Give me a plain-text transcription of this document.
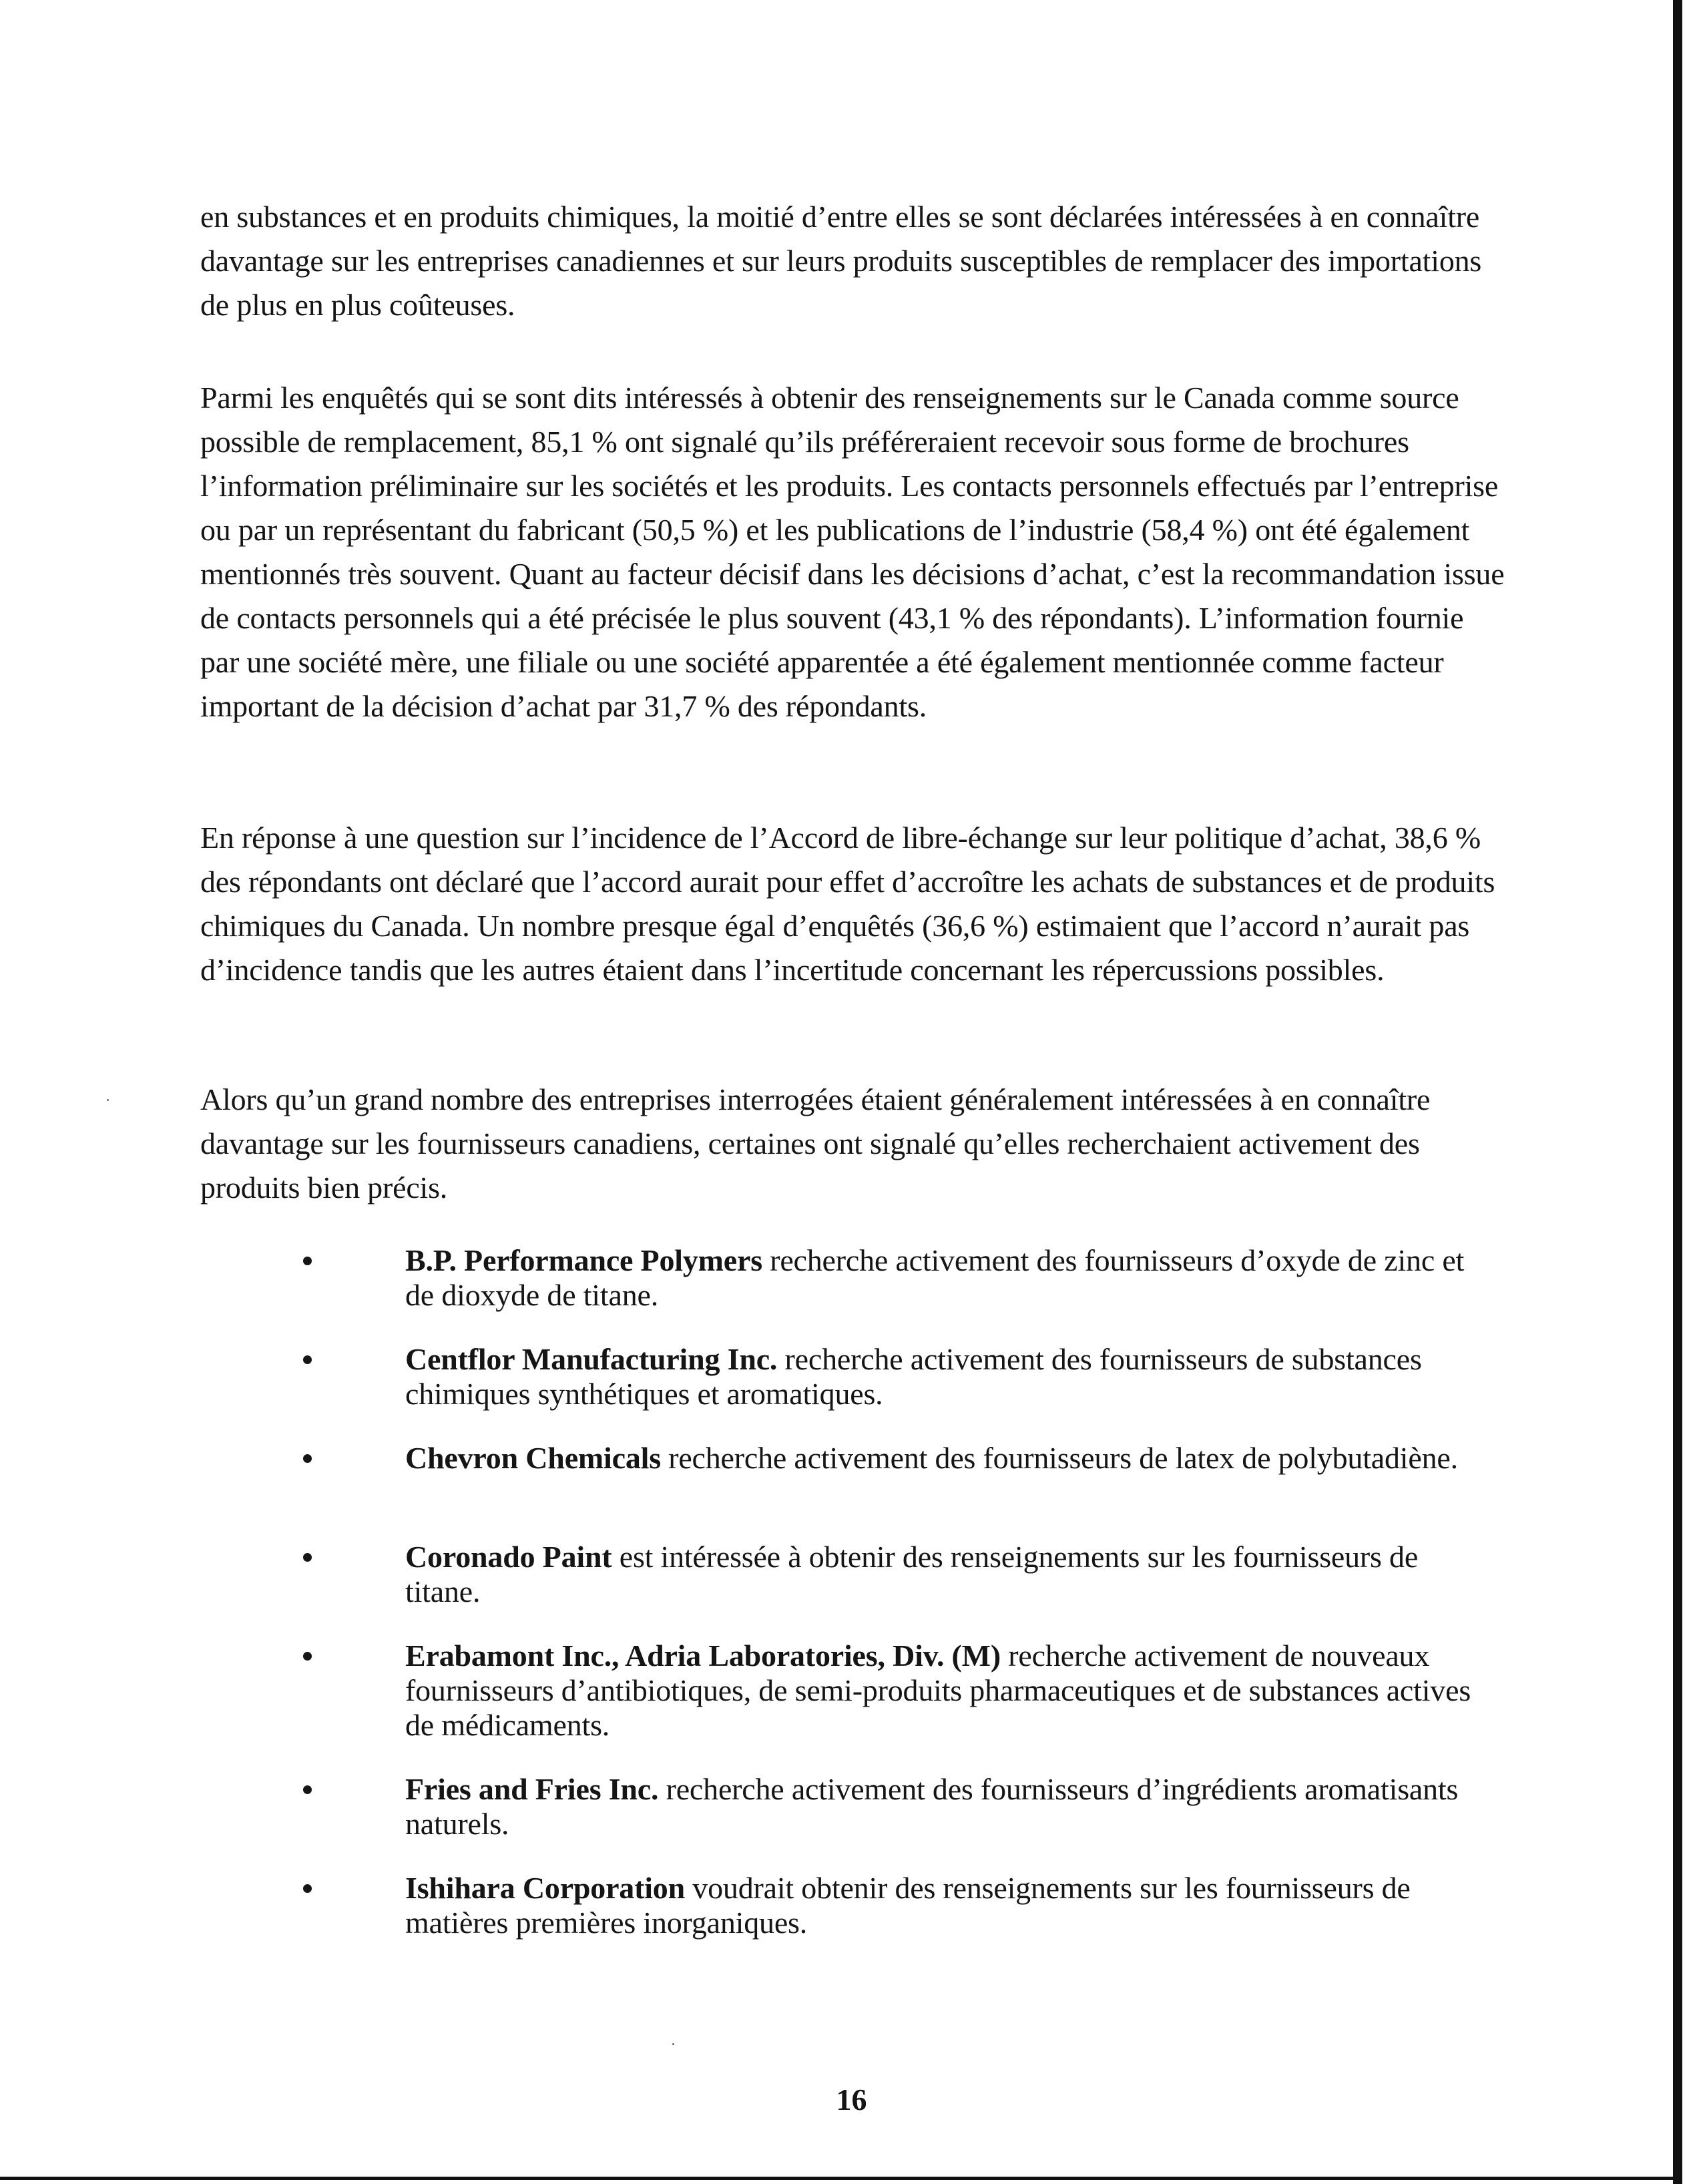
en substances et en produits chimiques, la moitié d’entre elles se sont déclarées intéressées à en connaître davantage sur les entreprises canadiennes et sur leurs produits susceptibles de remplacer des importations de plus en plus coûteuses.

Parmi les enquêtés qui se sont dits intéressés à obtenir des renseignements sur le Canada comme source possible de remplacement, 85,1 % ont signalé qu’ils préféreraient recevoir sous forme de brochures l’information préliminaire sur les sociétés et les produits. Les contacts personnels effectués par l’entreprise ou par un représentant du fabricant (50,5 %) et les publications de l’industrie (58,4 %) ont été également mentionnés très souvent. Quant au facteur décisif dans les décisions d’achat, c’est la recommandation issue de contacts personnels qui a été précisée le plus souvent (43,1 % des répondants). L’information fournie par une société mère, une filiale ou une société apparentée a été également mentionnée comme facteur important de la décision d’achat par 31,7 % des répondants.

En réponse à une question sur l’incidence de l’Accord de libre-échange sur leur politique d’achat, 38,6 % des répondants ont déclaré que l’accord aurait pour effet d’accroître les achats de substances et de produits chimiques du Canada. Un nombre presque égal d’enquêtés (36,6 %) estimaient que l’accord n’aurait pas d’incidence tandis que les autres étaient dans l’incertitude concernant les répercussions possibles.

Alors qu’un grand nombre des entreprises interrogées étaient généralement intéressées à en connaître davantage sur les fournisseurs canadiens, certaines ont signalé qu’elles recherchaient activement des produits bien précis.

B.P. Performance Polymers recherche activement des fournisseurs d’oxyde de zinc et de dioxyde de titane.
Centflor Manufacturing Inc. recherche activement des fournisseurs de substances chimiques synthétiques et aromatiques.
Chevron Chemicals recherche activement des fournisseurs de latex de polybutadiène.
Coronado Paint est intéressée à obtenir des renseignements sur les fournisseurs de titane.
Erabamont Inc., Adria Laboratories, Div. (M) recherche activement de nouveaux fournisseurs d’antibiotiques, de semi-produits pharmaceutiques et de substances actives de médicaments.
Fries and Fries Inc. recherche activement des fournisseurs d’ingrédients aromatisants naturels.
Ishihara Corporation voudrait obtenir des renseignements sur les fournisseurs de matières premières inorganiques.
16
